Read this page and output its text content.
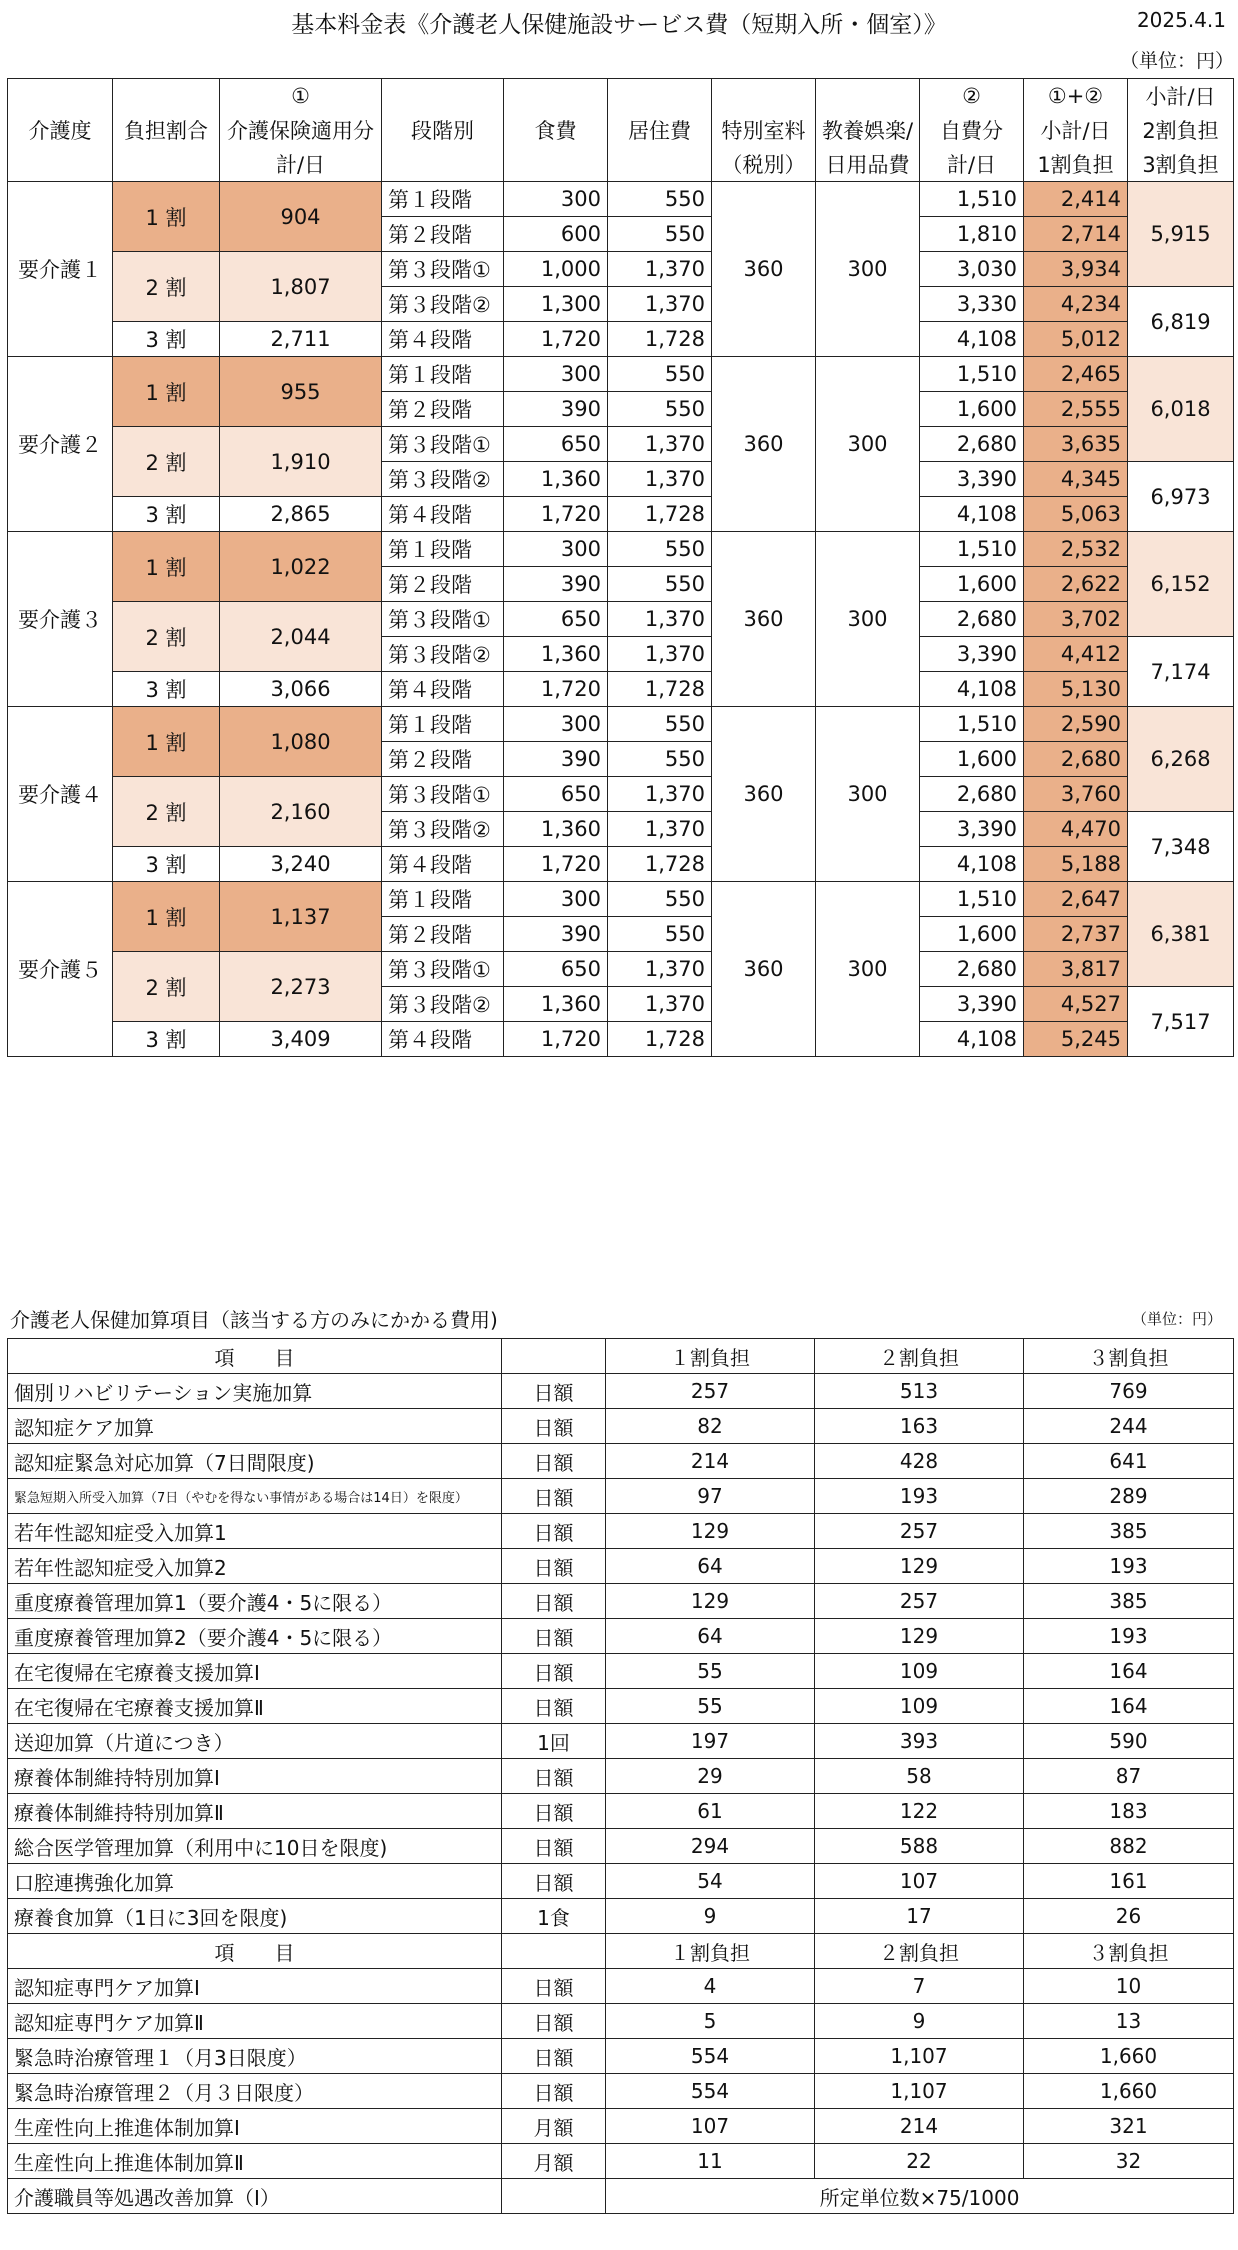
基本料金表《介護老人保健施設サービス費（短期入所・個室）》	2025.4.1
（単位：円）
介護度	負担割合	①	段階別	食費	居住費			②	①+②	小計/日
		介護保険適用分				特別室料	教養娯楽/	自費分	小計/日	2割負担
		計/日				（税別）	日用品費	計/日	1割負担	3割負担
要介護１	1 割	904	第１段階	300	550	360	300	1,510	2,414	5,915
			第２段階	600	550			1,810	2,714	
	2 割	1,807	第３段階①	1,000	1,370			3,030	3,934	
			第３段階②	1,300	1,370			3,330	4,234	6,819
	3 割	2,711	第４段階	1,720	1,728			4,108	5,012	
要介護２	1 割	955	第１段階	300	550	360	300	1,510	2,465	6,018
			第２段階	390	550			1,600	2,555	
	2 割	1,910	第３段階①	650	1,370			2,680	3,635	
			第３段階②	1,360	1,370			3,390	4,345	6,973
	3 割	2,865	第４段階	1,720	1,728			4,108	5,063	
要介護３	1 割	1,022	第１段階	300	550	360	300	1,510	2,532	6,152
			第２段階	390	550			1,600	2,622	
	2 割	2,044	第３段階①	650	1,370			2,680	3,702	
			第３段階②	1,360	1,370			3,390	4,412	7,174
	3 割	3,066	第４段階	1,720	1,728			4,108	5,130	
要介護４	1 割	1,080	第１段階	300	550	360	300	1,510	2,590	6,268
			第２段階	390	550			1,600	2,680	
	2 割	2,160	第３段階①	650	1,370			2,680	3,760	
			第３段階②	1,360	1,370			3,390	4,470	7,348
	3 割	3,240	第４段階	1,720	1,728			4,108	5,188	
要介護５	1 割	1,137	第１段階	300	550	360	300	1,510	2,647	6,381
			第２段階	390	550			1,600	2,737	
	2 割	2,273	第３段階①	650	1,370			2,680	3,817	
			第３段階②	1,360	1,370			3,390	4,527	7,517
	3 割	3,409	第４段階	1,720	1,728			4,108	5,245	
介護老人保健加算項目（該当する方のみにかかる費用)	（単位：円）
項　　目		１割負担	２割負担	３割負担
個別リハビリテーション実施加算	日額	257	513	769
認知症ケア加算	日額	82	163	244
認知症緊急対応加算（7日間限度)	日額	214	428	641
緊急短期入所受入加算（7日（やむを得ない事情がある場合は14日）を限度）	日額	97	193	289
若年性認知症受入加算1	日額	129	257	385
若年性認知症受入加算2	日額	64	129	193
重度療養管理加算1（要介護4・5に限る）	日額	129	257	385
重度療養管理加算2（要介護4・5に限る）	日額	64	129	193
在宅復帰在宅療養支援加算Ⅰ	日額	55	109	164
在宅復帰在宅療養支援加算Ⅱ	日額	55	109	164
送迎加算（片道につき）	1回	197	393	590
療養体制維持特別加算Ⅰ	日額	29	58	87
療養体制維持特別加算Ⅱ	日額	61	122	183
総合医学管理加算（利用中に10日を限度)	日額	294	588	882
口腔連携強化加算	日額	54	107	161
療養食加算（1日に3回を限度)	1食	9	17	26
項　　目		１割負担	２割負担	３割負担
認知症専門ケア加算Ⅰ	日額	4	7	10
認知症専門ケア加算Ⅱ	日額	5	9	13
緊急時治療管理１（月3日限度）	日額	554	1,107	1,660
緊急時治療管理２（月３日限度）	日額	554	1,107	1,660
生産性向上推進体制加算Ⅰ	月額	107	214	321
生産性向上推進体制加算Ⅱ	月額	11	22	32
介護職員等処遇改善加算（Ⅰ）		所定単位数×75/1000		
